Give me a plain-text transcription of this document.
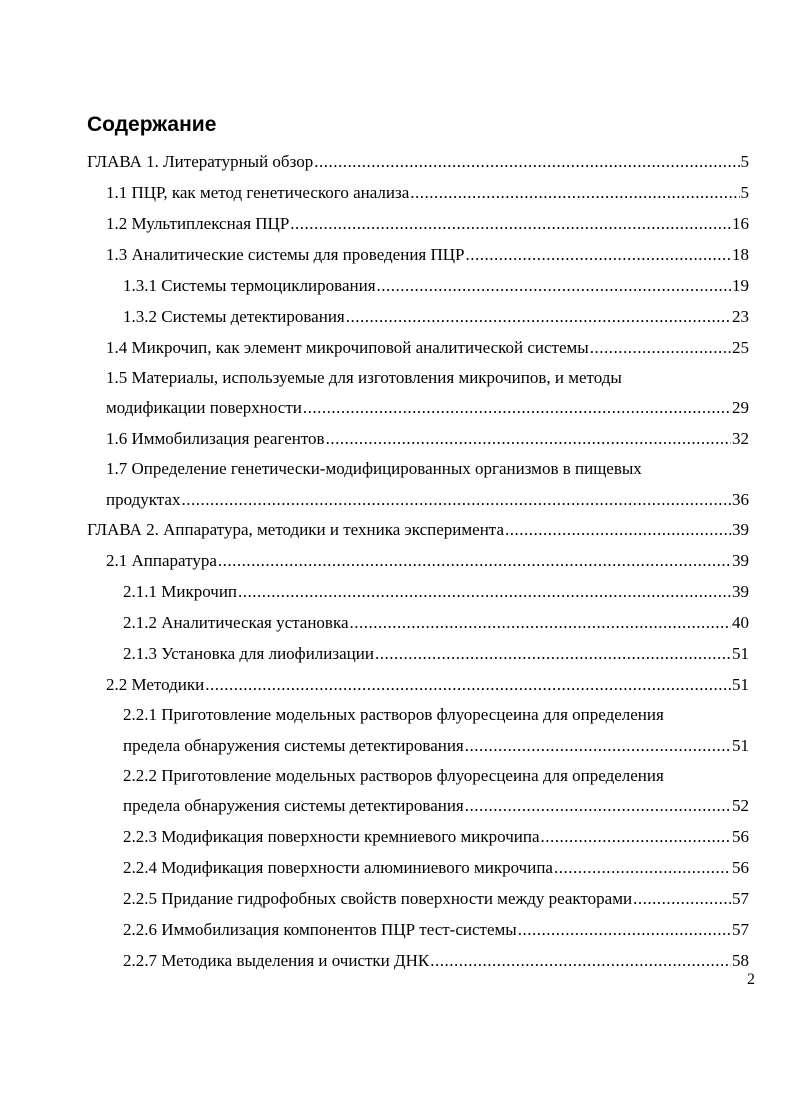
Содержание
ГЛАВА 1. Литературный обзор .....	5
1.1 ПЦР, как метод генетического анализа .....	5
1.2 Мультиплексная ПЦР .....	16
1.3 Аналитические системы для проведения ПЦР .....	18
1.3.1 Системы термоциклирования .....	19
1.3.2 Системы детектирования .....	23
1.4 Микрочип, как элемент микрочиповой аналитической системы .....	25
1.5 Материалы, используемые для изготовления микрочипов, и методы
модификации поверхности .....	29
1.6 Иммобилизация реагентов .....	32
1.7 Определение генетически-модифицированных организмов в пищевых
продуктах .....	36
ГЛАВА 2. Аппаратура, методики и техника эксперимента .....	39
2.1 Аппаратура .....	39
2.1.1 Микрочип .....	39
2.1.2 Аналитическая установка .....	40
2.1.3 Установка для лиофилизации .....	51
2.2 Методики .....	51
2.2.1 Приготовление модельных растворов флуоресцеина для определения
предела обнаружения системы детектирования .....	51
2.2.2 Приготовление модельных растворов флуоресцеина для определения
предела обнаружения системы детектирования .....	52
2.2.3 Модификация поверхности кремниевого микрочипа .....	56
2.2.4 Модификация поверхности алюминиевого микрочипа .....	56
2.2.5 Придание гидрофобных свойств поверхности между реакторами .....	57
2.2.6 Иммобилизация компонентов ПЦР тест-системы .....	57
2.2.7 Методика выделения и очистки ДНК .....	58
2
